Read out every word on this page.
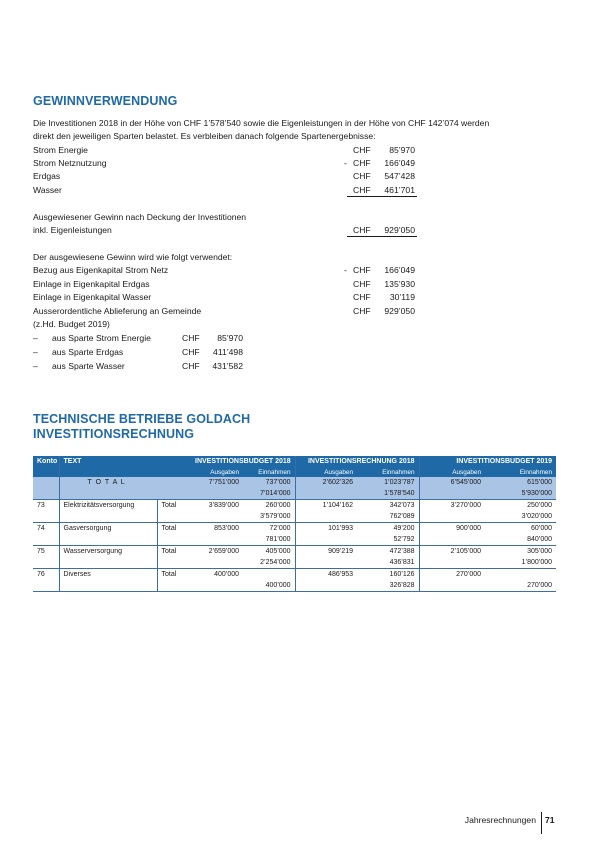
GEWINNVERWENDUNG
Die Investitionen 2018 in der Höhe von CHF 1’578’540 sowie die Eigenleistungen in der Höhe von CHF 142’074 werden
direkt den jeweiligen Sparten belastet. Es verbleiben danach folgende Spartenergebnisse:
Strom Energie	CHF	85’970
Strom Netznutzung	- CHF	166’049
Erdgas	CHF	547’428
Wasser	CHF	461’701
Ausgewiesener Gewinn nach Deckung der Investitionen
inkl. Eigenleistungen	CHF	929’050
Der ausgewiesene Gewinn wird wie folgt verwendet:
Bezug aus Eigenkapital Strom Netz	- CHF	166’049
Einlage in Eigenkapital Erdgas	CHF	135’930
Einlage in Eigenkapital Wasser	CHF	30’119
Ausserordentliche Ablieferung an Gemeinde	CHF	929’050
(z.Hd. Budget 2019)
– aus Sparte Strom Energie	CHF	85’970
– aus Sparte Erdgas	CHF	411’498
– aus Sparte Wasser	CHF	431’582
TECHNISCHE BETRIEBE GOLDACH
INVESTITIONSRECHNUNG
Konto	TEXT		INVESTITIONSBUDGET 2018		INVESTITIONSRECHNUNG 2018		INVESTITIONSBUDGET 2019	
			Ausgaben	Einnahmen	Ausgaben	Einnahmen	Ausgaben	Einnahmen
	T O T A L		7’751’000	737’000	2’602’326	1’023’787	6’545’000	615’000
				7’014’000		1’578’540		5’930’000
73	Elektrizitätsversorgung	Total	3’839’000	260’000	1’104’162	342’073	3’270’000	250’000
				3’579’000		762’089		3’020’000
74	Gasversorgung	Total	853’000	72’000	101’993	49’200	900’000	60’000
				781’000		52’792		840’000
75	Wasserversorgung	Total	2’659’000	405’000	909’219	472’388	2’105’000	305’000
				2’254’000		436’831		1’800’000
76	Diverses	Total	400’000		486’953	160’126	270’000	
				400’000		326’828		270’000
Jahresrechnungen 71
